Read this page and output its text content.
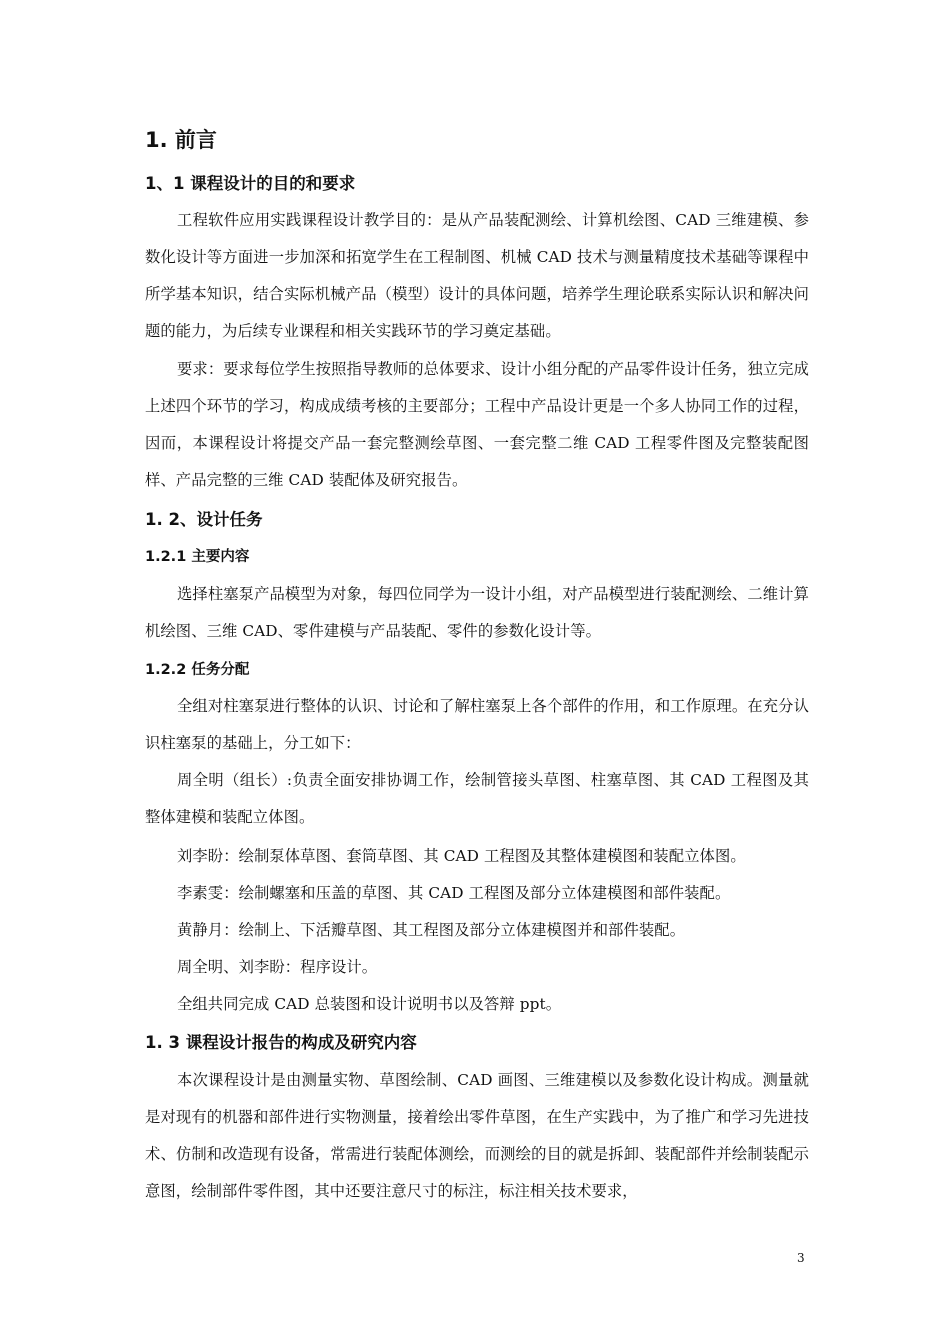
1. 前言
1、1 课程设计的目的和要求

工程软件应用实践课程设计教学目的：是从产品装配测绘、计算机绘图、CAD 三维建模、参数化设计等方面进一步加深和拓宽学生在工程制图、机械 CAD 技术与测量精度技术基础等课程中所学基本知识，结合实际机械产品（模型）设计的具体问题，培养学生理论联系实际认识和解决问题的能力，为后续专业课程和相关实践环节的学习奠定基础。

要求：要求每位学生按照指导教师的总体要求、设计小组分配的产品零件设计任务，独立完成上述四个环节的学习，构成成绩考核的主要部分；工程中产品设计更是一个多人协同工作的过程，因而，本课程设计将提交产品一套完整测绘草图、一套完整二维 CAD 工程零件图及完整装配图样、产品完整的三维 CAD 装配体及研究报告。

1. 2、设计任务
1.2.1 主要内容

选择柱塞泵产品模型为对象，每四位同学为一设计小组，对产品模型进行装配测绘、二维计算机绘图、三维 CAD、零件建模与产品装配、零件的参数化设计等。

1.2.2 任务分配

全组对柱塞泵进行整体的认识、讨论和了解柱塞泵上各个部件的作用，和工作原理。在充分认识柱塞泵的基础上，分工如下：

周全明（组长）:负责全面安排协调工作，绘制管接头草图、柱塞草图、其 CAD 工程图及其整体建模和装配立体图。

刘李盼：绘制泵体草图、套筒草图、其 CAD 工程图及其整体建模图和装配立体图。

李素雯：绘制螺塞和压盖的草图、其 CAD 工程图及部分立体建模图和部件装配。

黄静月：绘制上、下活瓣草图、其工程图及部分立体建模图并和部件装配。

周全明、刘李盼：程序设计。

全组共同完成 CAD 总装图和设计说明书以及答辩 ppt。

1. 3 课程设计报告的构成及研究内容

本次课程设计是由测量实物、草图绘制、CAD 画图、三维建模以及参数化设计构成。测量就是对现有的机器和部件进行实物测量，接着绘出零件草图，在生产实践中，为了推广和学习先进技术、仿制和改造现有设备，常需进行装配体测绘，而测绘的目的就是拆卸、装配部件并绘制装配示意图，绘制部件零件图，其中还要注意尺寸的标注，标注相关技术要求，

3
